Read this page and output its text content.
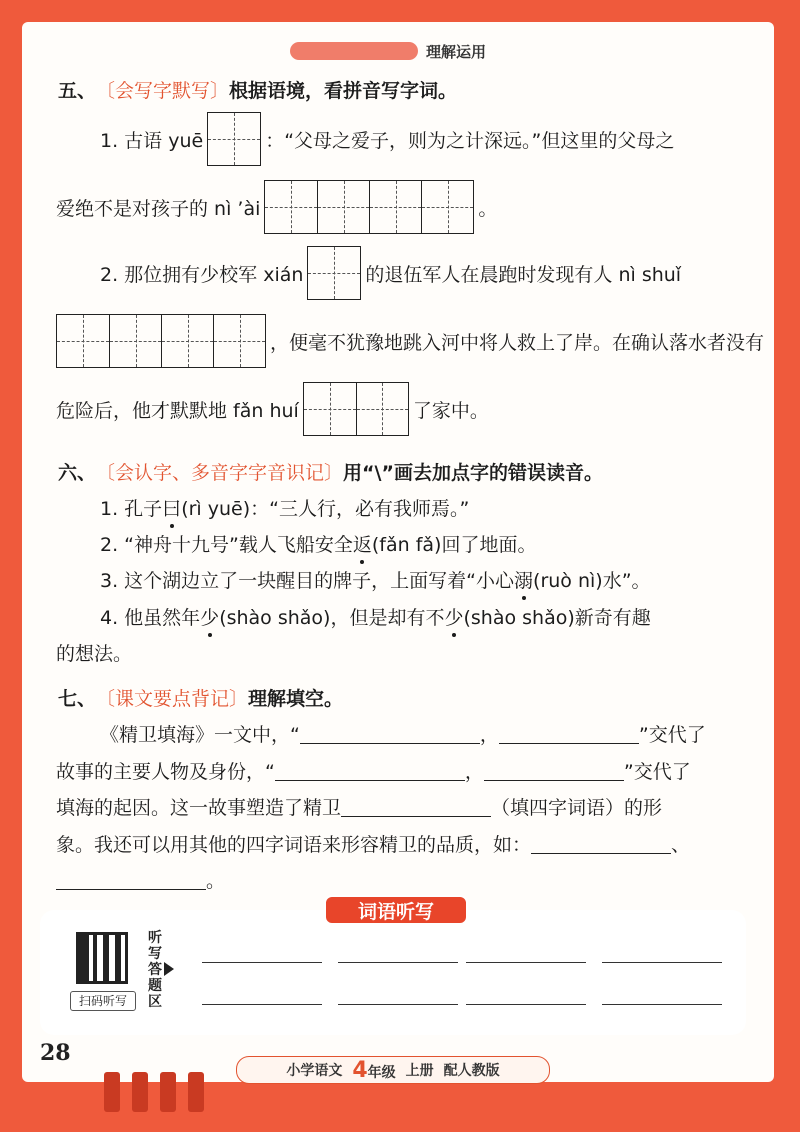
理解运用
五、 〔会写字默写〕 根据语境，看拼音写字词。
1. 古语 yuē	：“父母之爱子，则为之计深远。”但这里的父母之
爱绝不是对孩子的 nì ’ài	。
2. 那位拥有少校军 xián	的退伍军人在晨跑时发现有人 nì shuǐ
，便毫不犹豫地跳入河中将人救上了岸。在确认落水者没有
危险后，他才默默地 fǎn huí	了家中。
六、 〔会认字、多音字字音识记〕 用“\”画去加点字的错误读音。
1. 孔子 曰 (rì yuē)：“三人行，必有我师焉。”
2. “神舟十九号”载人飞船安全 返 (fǎn fǎ)回了地面。
3. 这个湖边立了一块醒目的牌子，上面写着“小心 溺 (ruò nì)水”。
4. 他虽然年 少 (shào shǎo)，但是却有不 少 (shào shǎo)新奇有趣
的想法。
七、 〔课文要点背记〕 理解填空。
《精卫填海》一文中，“	，	”交代了
故事的主要人物及身份，“	，	”交代了
填海的起因。这一故事塑造了精卫	（填四字词语）的形
象。我还可以用其他的四字词语来形容精卫的品质，如：	、
。
词语听写
扫码听写
听写答题区
28
小学语文 4年级 上册 配人教版
